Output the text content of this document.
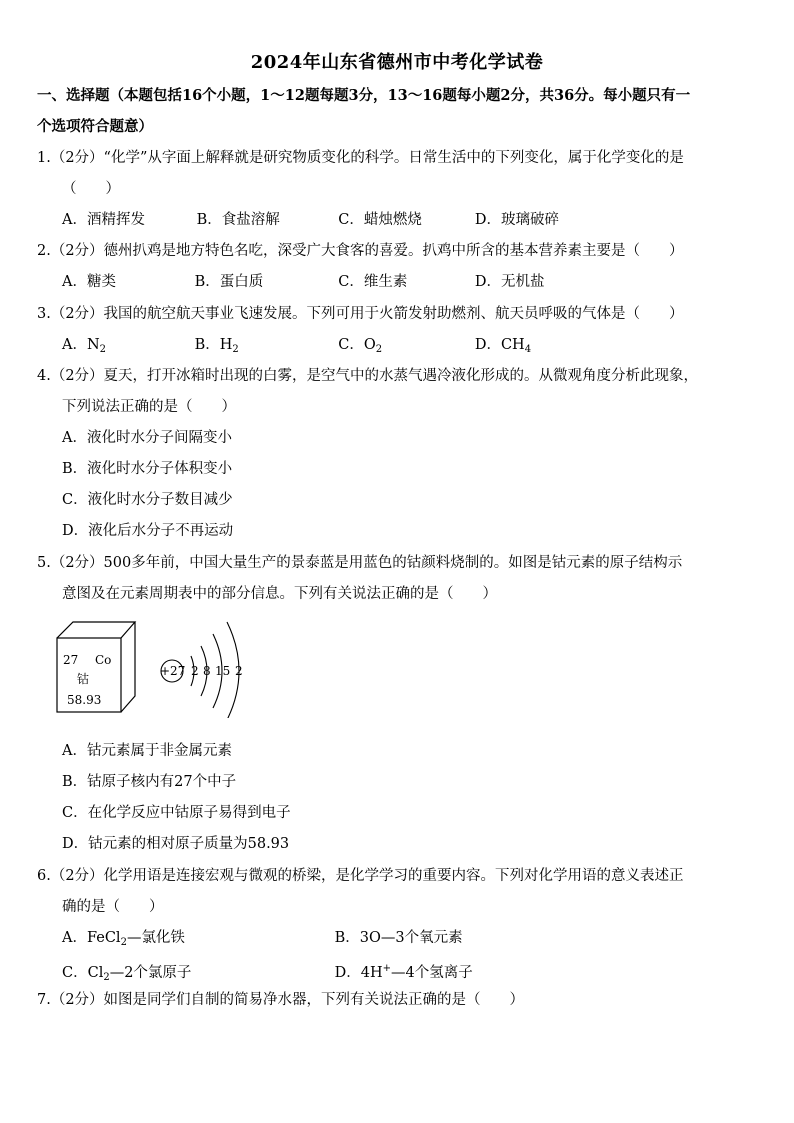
2024年山东省德州市中考化学试卷
一、选择题（本题包括16个小题，1～12题每题3分，13～16题每小题2分，共36分。每小题只有一
个选项符合题意）
1.（2分）“化学”从字面上解释就是研究物质变化的科学。日常生活中的下列变化，属于化学变化的是
（　　）
A．酒精挥发	B．食盐溶解	C．蜡烛燃烧	D．玻璃破碎
2.（2分）德州扒鸡是地方特色名吃，深受广大食客的喜爱。扒鸡中所含的基本营养素主要是（　　）
A．糖类	B．蛋白质	C．维生素	D．无机盐
3.（2分）我国的航空航天事业飞速发展。下列可用于火箭发射助燃剂、航天员呼吸的气体是（　　）
A．$N_2$	B．$H_2$	C．$O_2$	D．$CH_4$
4.（2分）夏天，打开冰箱时出现的白雾，是空气中的水蒸气遇冷液化形成的。从微观角度分析此现象，
下列说法正确的是（　　）
A．液化时水分子间隔变小
B．液化时水分子体积变小
C．液化时水分子数目减少
D．液化后水分子不再运动
5.（2分）500多年前，中国大量生产的景泰蓝是用蓝色的钴颜料烧制的。如图是钴元素的原子结构示
意图及在元素周期表中的部分信息。下列有关说法正确的是（　　）
27 Co
钴
58.93
+27 2 8 15 2
A．钴元素属于非金属元素
B．钴原子核内有27个中子
C．在化学反应中钴原子易得到电子
D．钴元素的相对原子质量为58.93
6.（2分）化学用语是连接宏观与微观的桥梁，是化学学习的重要内容。下列对化学用语的意义表述正
确的是（　　）
A．FeCl$_2$—氯化铁	B．3O—3个氧元素
C．$Cl_2—2$个氯原子	D．4H+—4个氢离子
7.（2分）如图是同学们自制的简易净水器，下列有关说法正确的是（　　）
